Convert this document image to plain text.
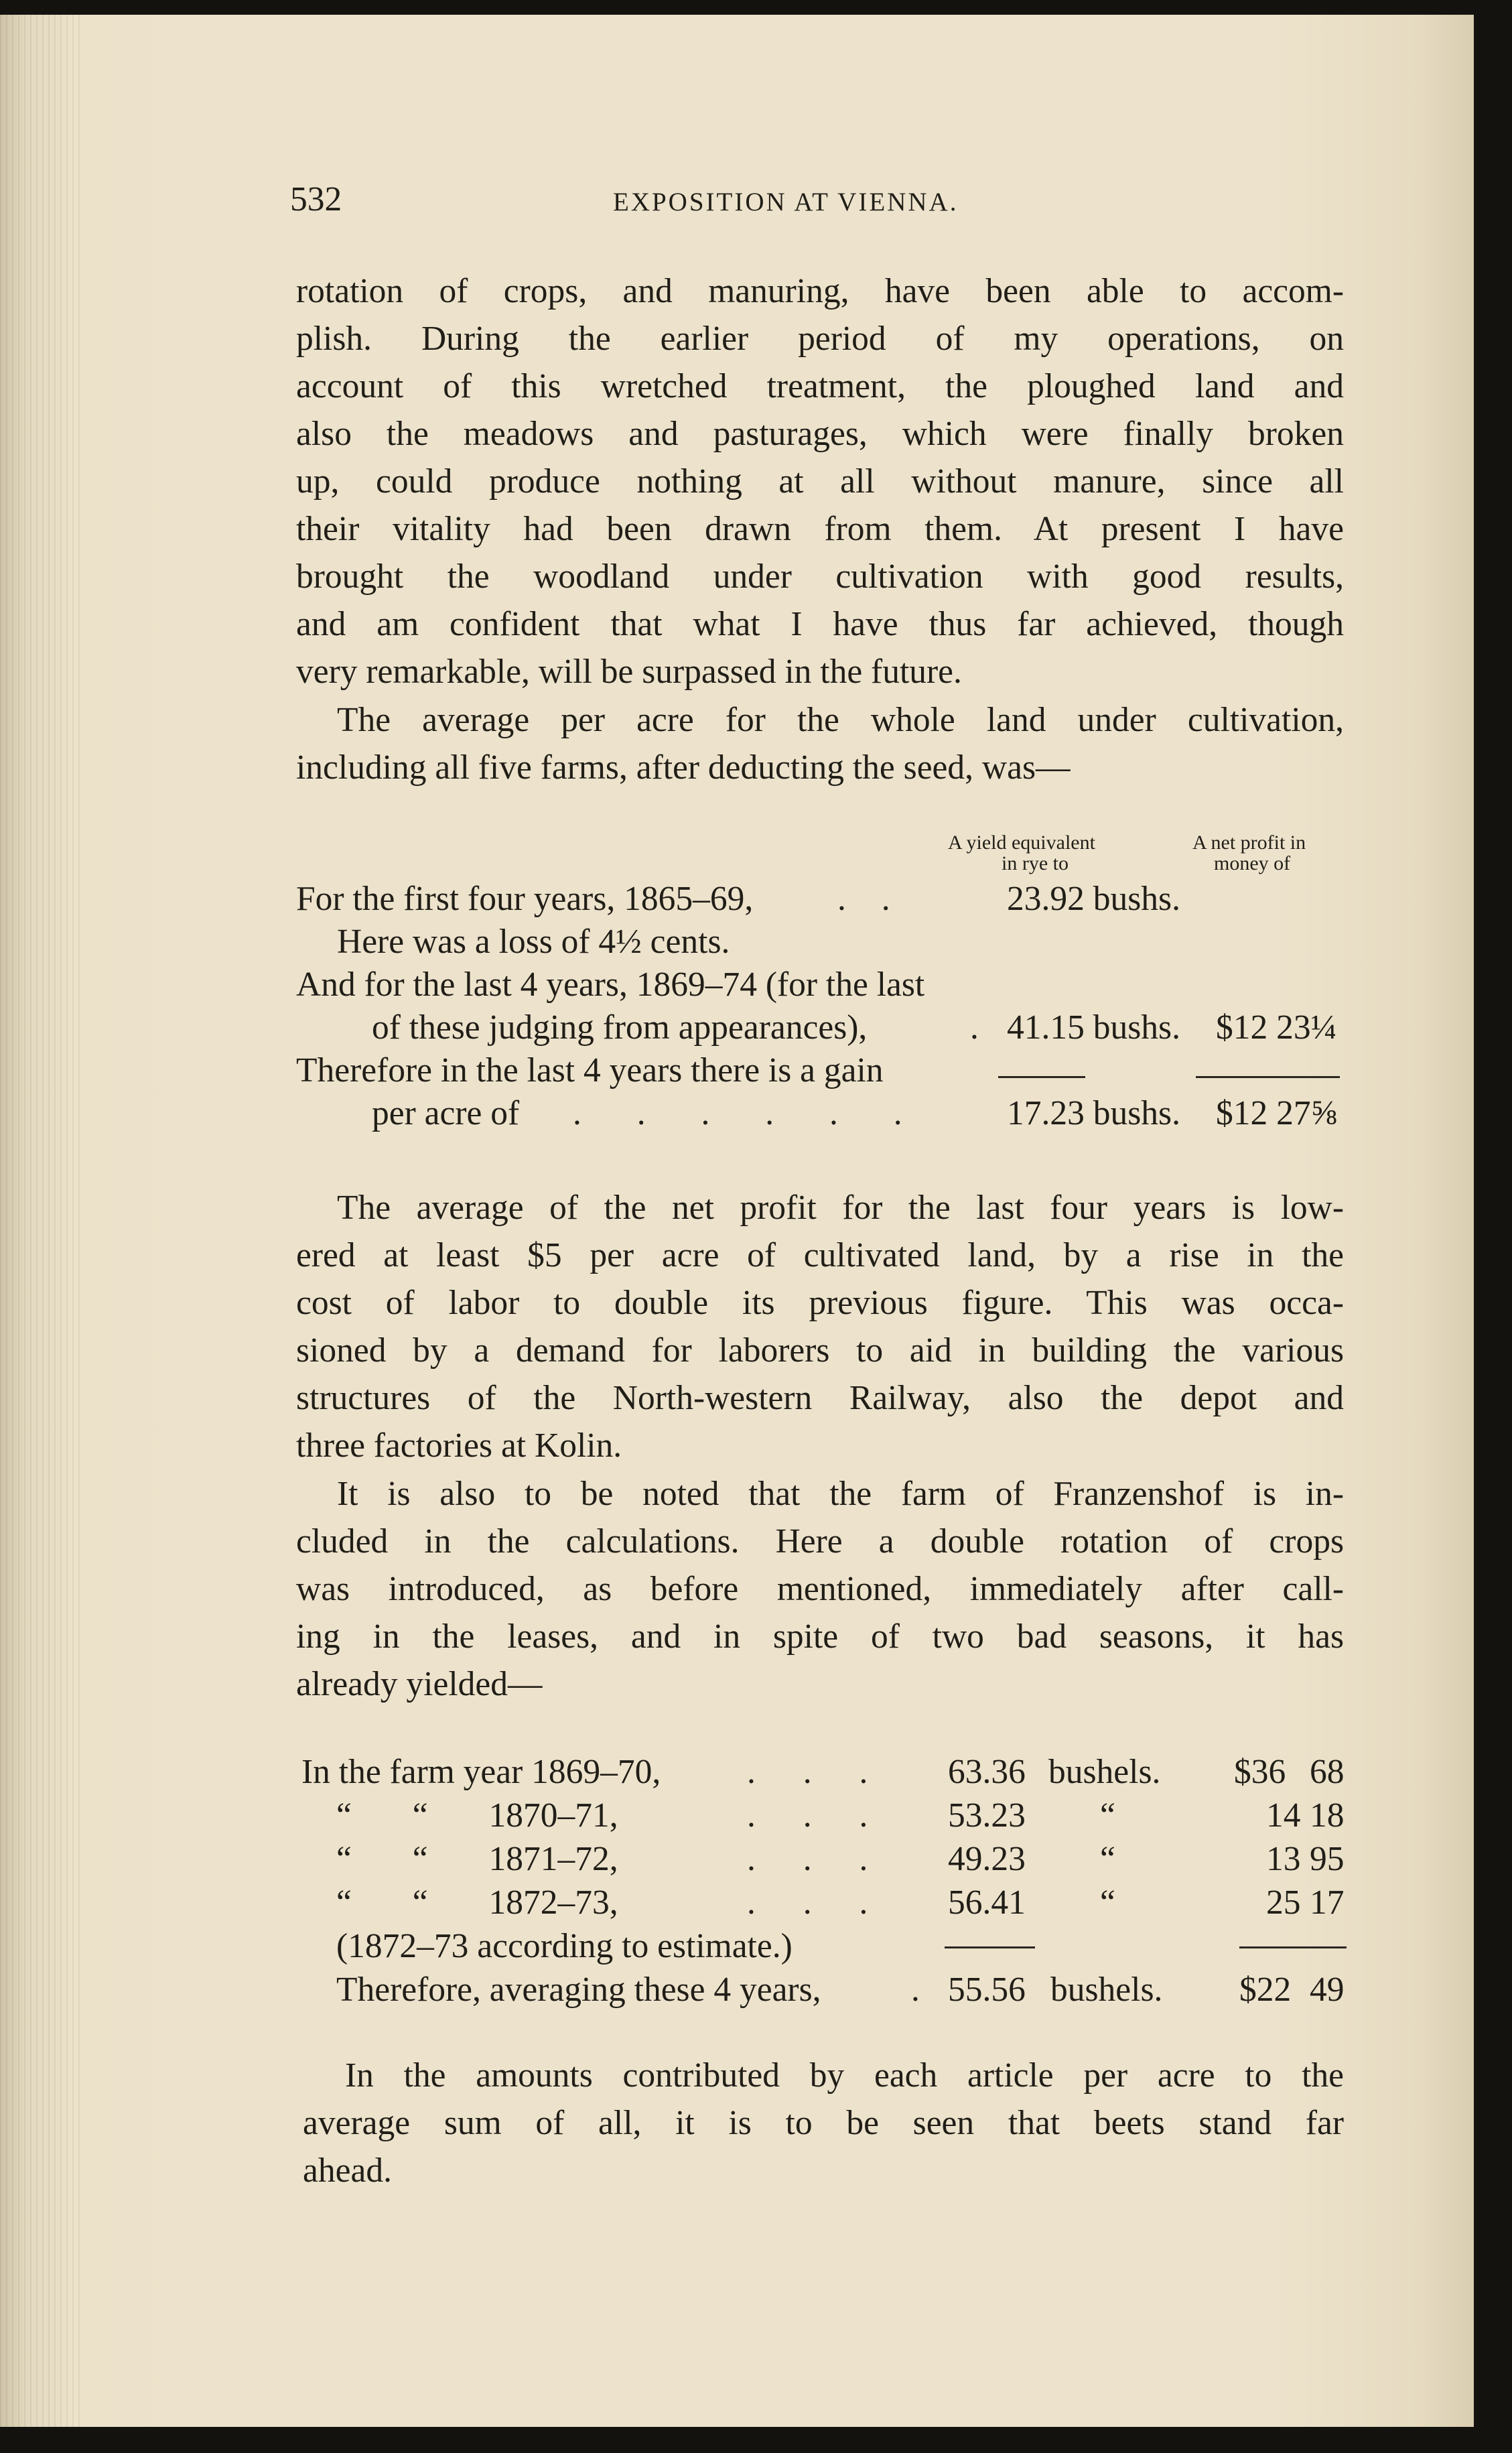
532	EXPOSITION AT VIENNA.
rotation of crops, and manuring, have been able to accom-
plish. During the earlier period of my operations, on
account of this wretched treatment, the ploughed land and
also the meadows and pasturages, which were finally broken
up, could produce nothing at all without manure, since all
their vitality had been drawn from them. At present I have
brought the woodland under cultivation with good results,
and am confident that what I have thus far achieved, though
very remarkable, will be surpassed in the future.
The average per acre for the whole land under cultivation,
including all five farms, after deducting the seed, was—
A yield equivalent
in rye to
A net profit in
money of
For the first four years, 1865–69, . .	23.92 bushs.
Here was a loss of 4½ cents.
And for the last 4 years, 1869–74 (for the last
of these judging from appearances),	. 41.15 bushs. $12 23¼
Therefore in the last 4 years there is a gain
per acre of . . . . . .	17.23 bushs. $12 27⅝
The average of the net profit for the last four years is low-
ered at least $5 per acre of cultivated land, by a rise in the
cost of labor to double its previous figure. This was occa-
sioned by a demand for laborers to aid in building the various
structures of the North-western Railway, also the depot and
three factories at Kolin.
It is also to be noted that the farm of Franzenshof is in-
cluded in the calculations. Here a double rotation of crops
was introduced, as before mentioned, immediately after call-
ing in the leases, and in spite of two bad seasons, it has
already yielded—
In the farm year 1869–70, . . . 63.36 bushels. $36 68
“ “ 1870–71,	. . . 53.23 “	14 18
“ “ 1871–72,	. . . 49.23 “	13 95
“ “ 1872–73,	. . . 56.41 “	25 17
(1872–73 according to estimate.)
Therefore, averaging these 4 years,	. 55.56 bushels. $22 49
In the amounts contributed by each article per acre to the
average sum of all, it is to be seen that beets stand far
ahead.
